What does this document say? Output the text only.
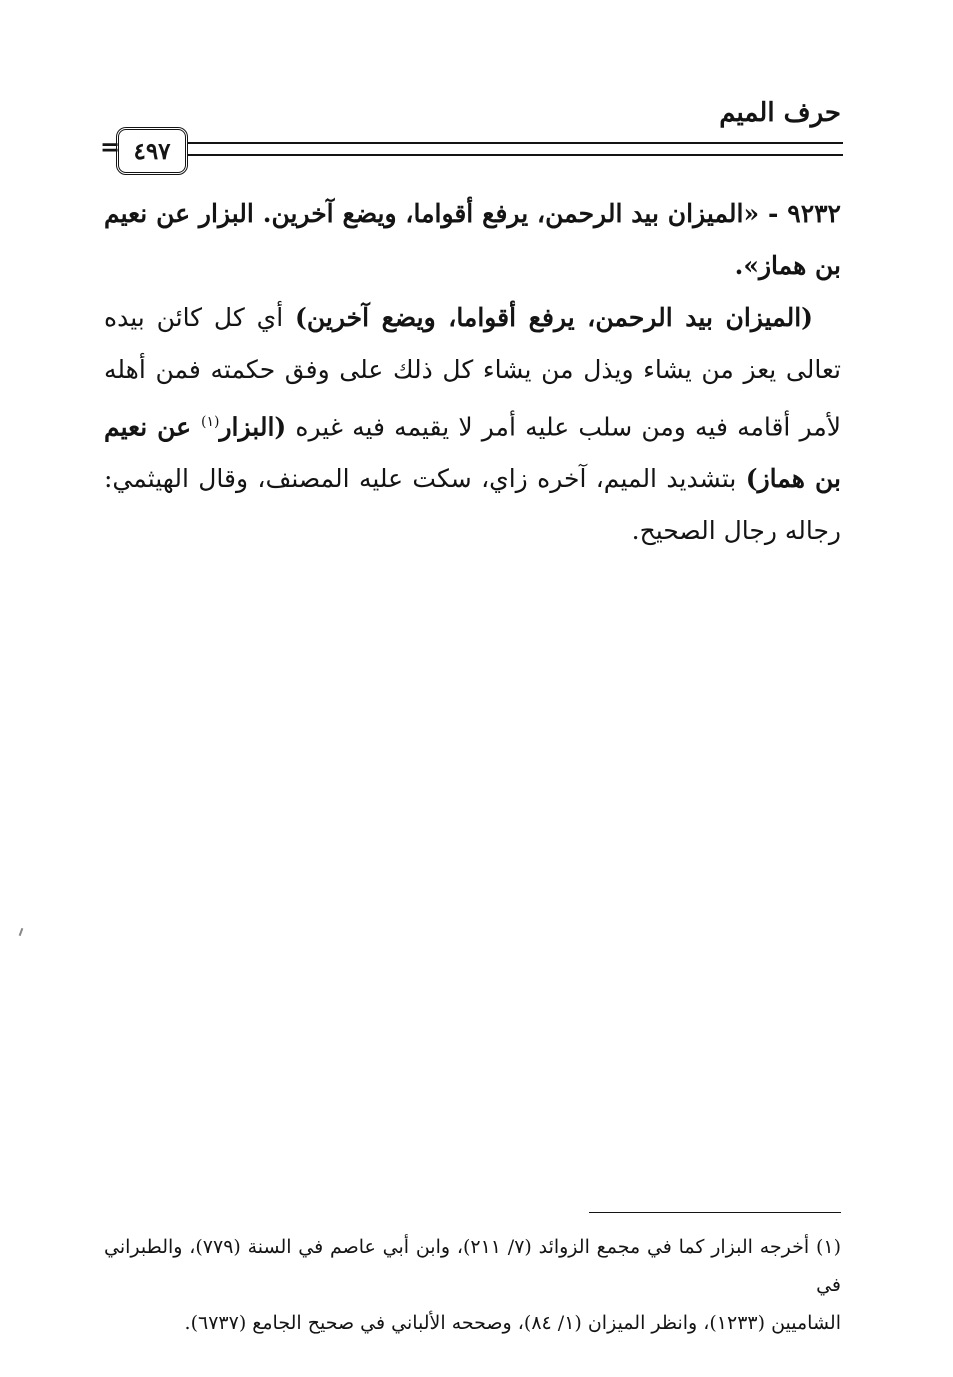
حرف الميم
٤٩٧
=

٩٢٣٢ - «الميزان بيد الرحمن، يرفع أقواما، ويضع آخرين. البزار عن نعيم بن هماز».

(الميزان بيد الرحمن، يرفع أقواما، ويضع آخرين) أي كل كائن بيده تعالى يعز من يشاء ويذل من يشاء كل ذلك على وفق حكمته فمن أهله لأمر أقامه فيه ومن سلب عليه أمر لا يقيمه فيه غيره (البزار$^{(١)}$ عن نعيم بن هماز) بتشديد الميم، آخره زاي، سكت عليه المصنف، وقال الهيثمي: رجاله رجال الصحيح.

(١) أخرجه البزار كما في مجمع الزوائد (٧/ ٢١١)، وابن أبي عاصم في السنة (٧٧٩)، والطبراني في

الشاميين (١٢٣٣)، وانظر الميزان (١/ ٨٤)، وصححه الألباني في صحيح الجامع (٦٧٣٧).
